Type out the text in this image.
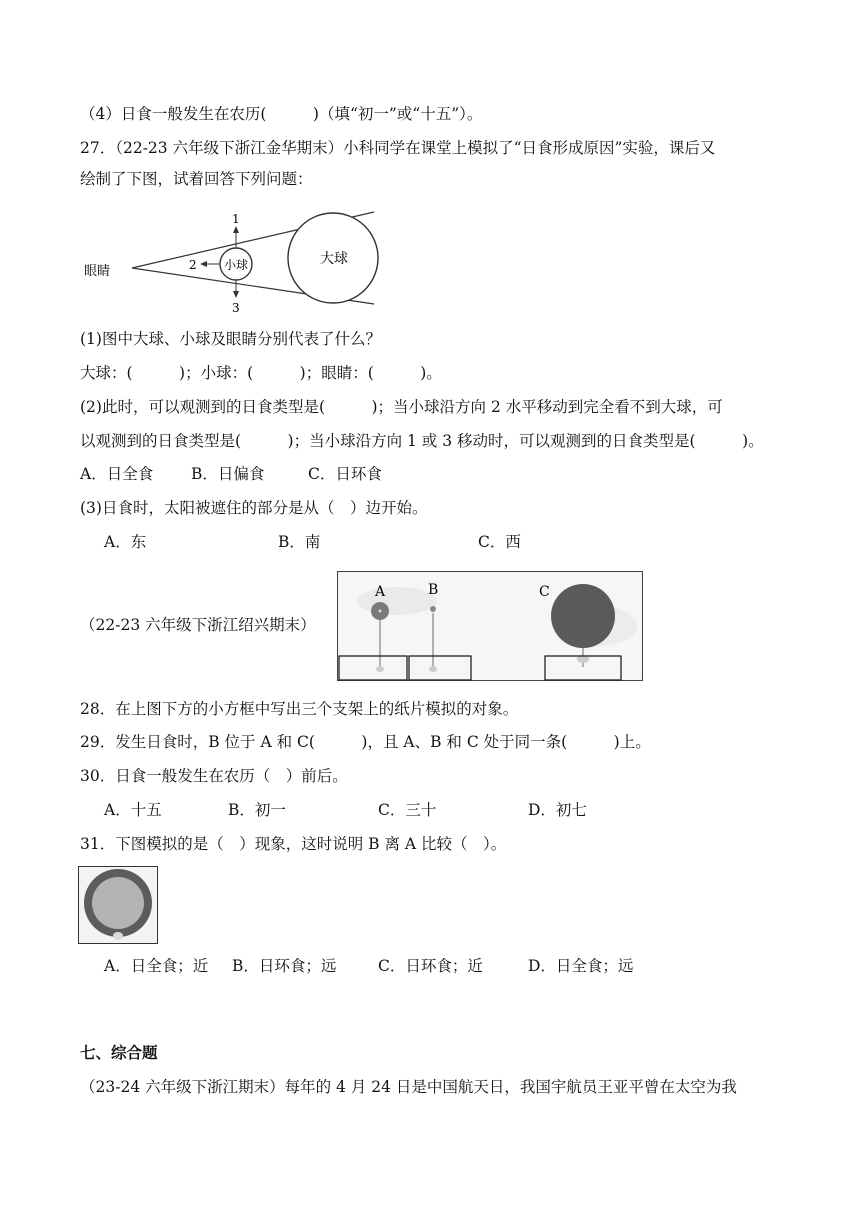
（4）日食一般发生在农历(　　　)（填“初一”或“十五”）。
27．（22-23 六年级下浙江金华期末）小科同学在课堂上模拟了“日食形成原因”实验，课后又
绘制了下图，试着回答下列问题：
眼睛	小球	大球
1
2
3
(1)图中大球、小球及眼睛分别代表了什么？
大球：(　　　)；小球：(　　　)；眼睛：(　　　)。
(2)此时，可以观测到的日食类型是(　　　)；当小球沿方向 2 水平移动到完全看不到大球，可
以观测到的日食类型是(　　　)；当小球沿方向 1 或 3 移动时，可以观测到的日食类型是(　　　)。
A．日全食 B．日偏食	C．日环食
(3)日食时，太阳被遮住的部分是从（　）边开始。
A．东	B．南	C．西
（22-23 六年级下浙江绍兴期末）
A	B	C
28．在上图下方的小方框中写出三个支架上的纸片模拟的对象。
29．发生日食时，B 位于 A 和 C(　　　)，且 A、B 和 C 处于同一条(　　　)上。
30．日食一般发生在农历（　）前后。
A．十五	B．初一	C．三十	D．初七
31．下图模拟的是（　）现象，这时说明 B 离 A 比较（　）。
A．日全食；近 B．日环食；远	C．日环食；近	D．日全食；远
七、综合题
（23-24 六年级下浙江期末）每年的 4 月 24 日是中国航天日，我国宇航员王亚平曾在太空为我
